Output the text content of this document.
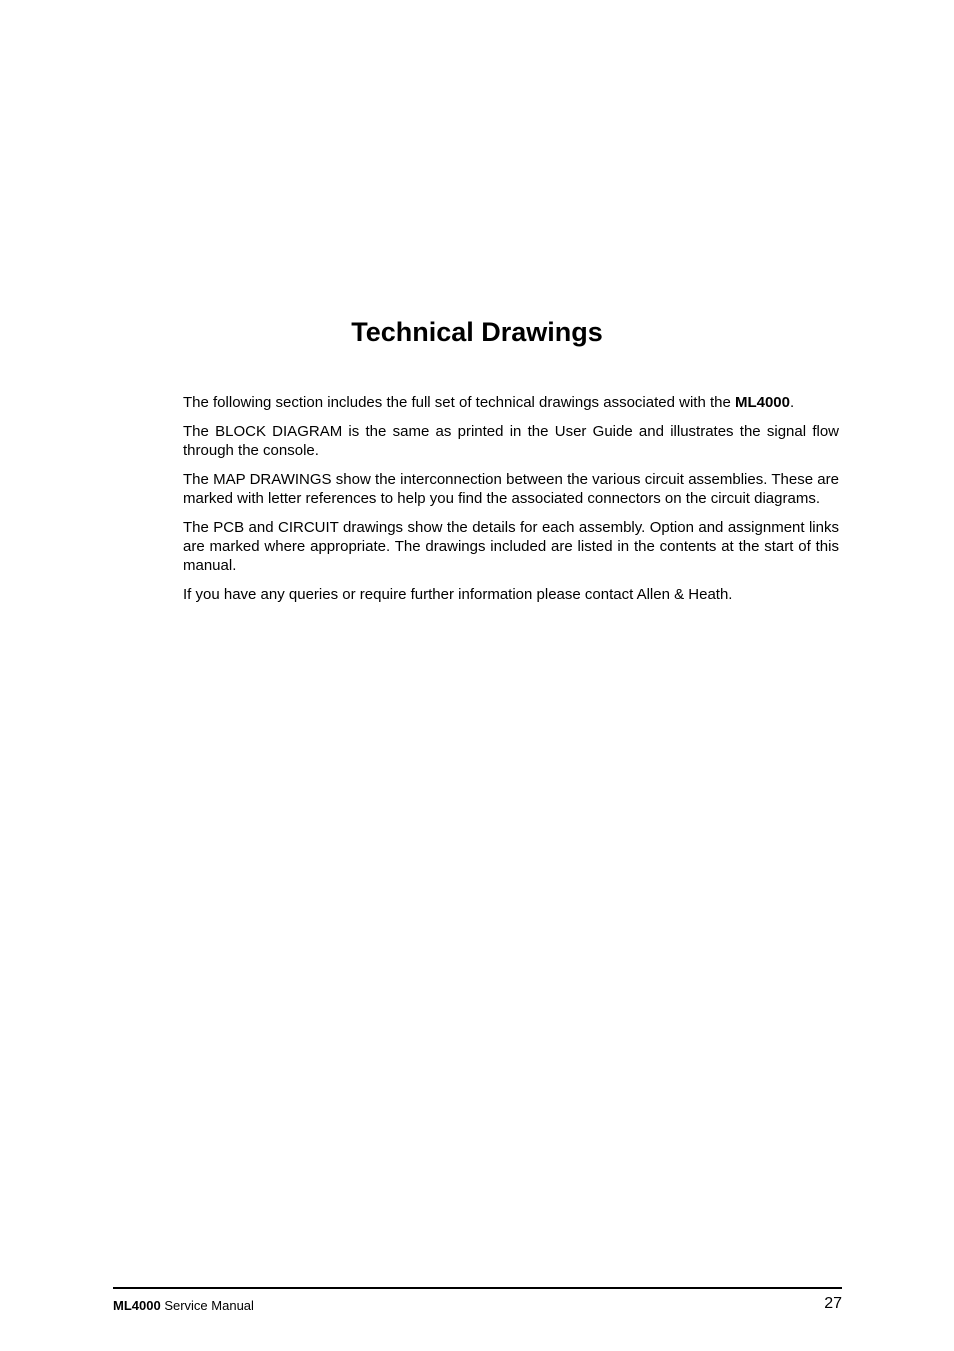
Technical Drawings

The following section includes the full set of technical drawings associated with the ML4000.

The BLOCK DIAGRAM is the same as printed in the User Guide and illustrates the signal flow through the console.

The MAP DRAWINGS show the interconnection between the various circuit assemblies. These are marked with letter references to help you find the associated connectors on the circuit diagrams.

The PCB and CIRCUIT drawings show the details for each assembly. Option and assignment links are marked where appropriate. The drawings included are listed in the contents at the start of this manual.

If you have any queries or require further information please contact Allen & Heath.

ML4000 Service Manual	27
